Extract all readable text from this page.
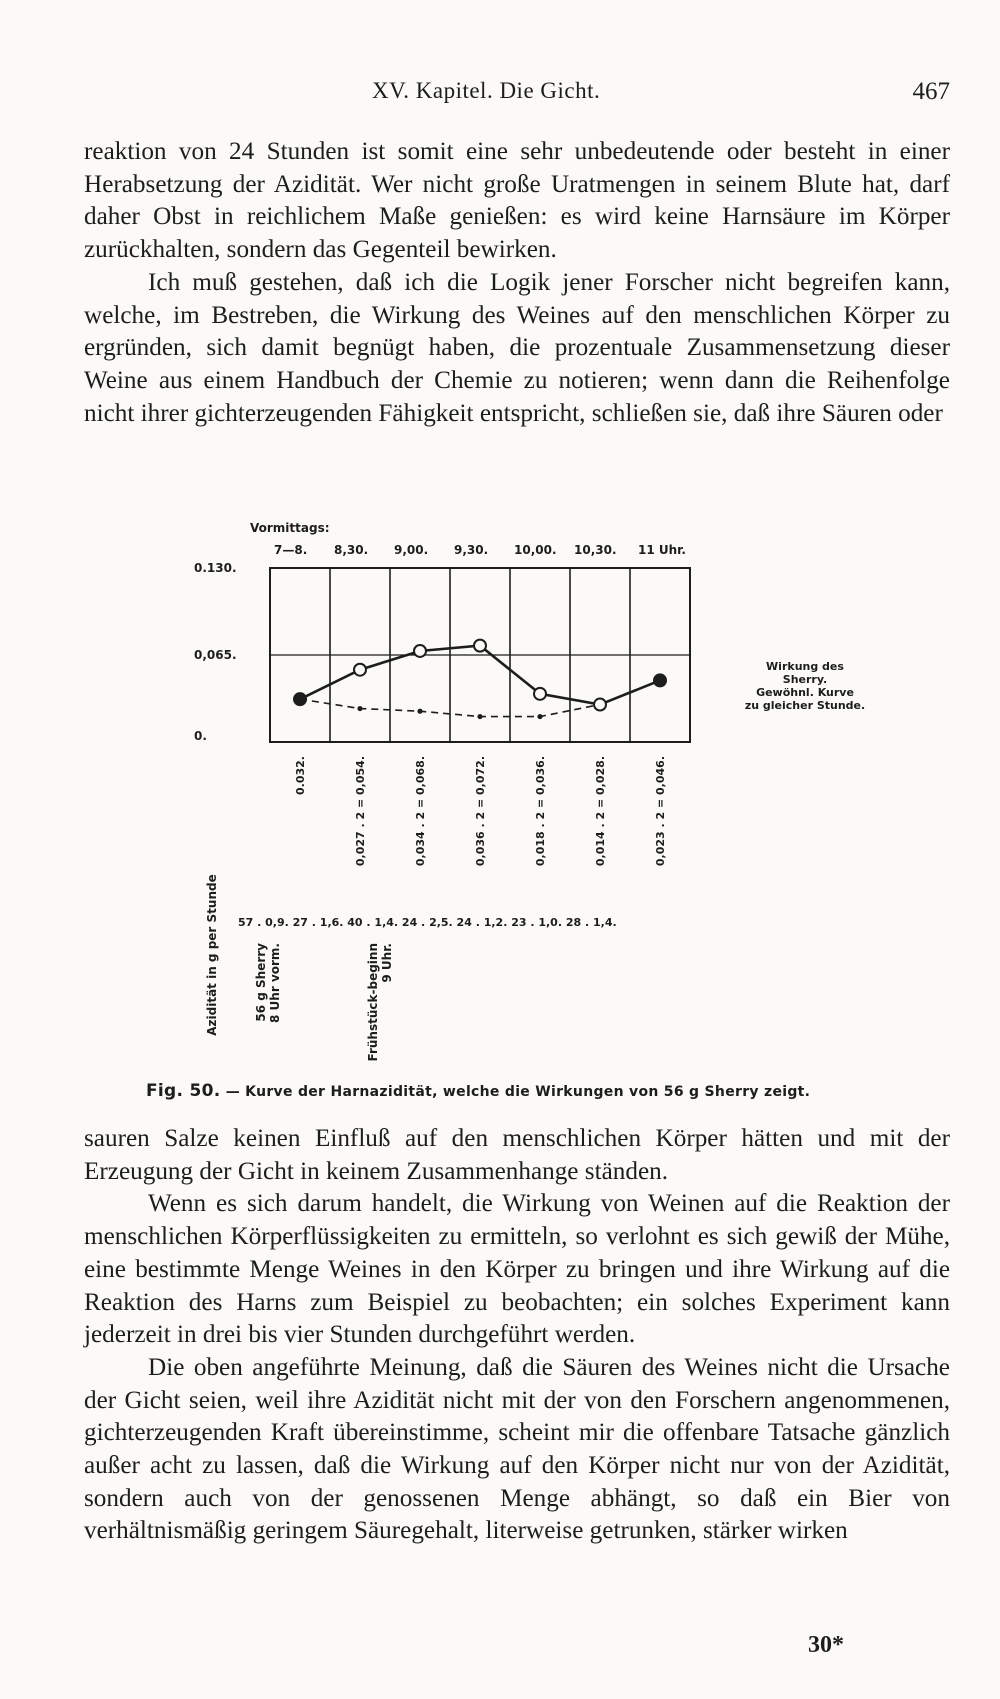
XV. Kapitel. Die Gicht.	467

reaktion von 24 Stunden ist somit eine sehr unbedeutende oder besteht in einer Herabsetzung der Azidität. Wer nicht große Uratmengen in seinem Blute hat, darf daher Obst in reichlichem Maße genießen: es wird keine Harnsäure im Körper zurückhalten, sondern das Gegenteil bewirken.

Ich muß gestehen, daß ich die Logik jener Forscher nicht begreifen kann, welche, im Bestreben, die Wirkung des Weines auf den menschlichen Körper zu ergründen, sich damit begnügt haben, die prozentuale Zusammensetzung dieser Weine aus einem Handbuch der Chemie zu notieren; wenn dann die Reihenfolge nicht ihrer gichterzeugenden Fähigkeit entspricht, schließen sie, daß ihre Säuren oder

Vormittags:
7—8. 8,30. 9,00. 9,30. 10,00. 10,30. 11 Uhr.
0.130.
0,065.
0.
Wirkung des
Sherry.
Gewöhnl. Kurve
zu gleicher Stunde.
Azidität in g per Stunde
0.032.	0,027 . 2 = 0,054.	0,034 . 2 = 0,068.	0,036 . 2 = 0,072.	0,018 . 2 = 0,036.	0,014 . 2 = 0,028.	0,023 . 2 = 0,046.
57 . 0,9. 27 . 1,6. 40 . 1,4. 24 . 2,5. 24 . 1,2. 23 . 1,0. 28 . 1,4.
56 g Sherry 8 Uhr vorm.	Frühstück-beginn 9 Uhr.
Fig. 50. — Kurve der Harnazidität, welche die Wirkungen von 56 g Sherry zeigt.

sauren Salze keinen Einfluß auf den menschlichen Körper hätten und mit der Erzeugung der Gicht in keinem Zusammenhange ständen.

Wenn es sich darum handelt, die Wirkung von Weinen auf die Reaktion der menschlichen Körperflüssigkeiten zu ermitteln, so verlohnt es sich gewiß der Mühe, eine bestimmte Menge Weines in den Körper zu bringen und ihre Wirkung auf die Reaktion des Harns zum Beispiel zu beobachten; ein solches Experiment kann jederzeit in drei bis vier Stunden durchgeführt werden.

Die oben angeführte Meinung, daß die Säuren des Weines nicht die Ursache der Gicht seien, weil ihre Azidität nicht mit der von den Forschern angenommenen, gichterzeugenden Kraft übereinstimme, scheint mir die offenbare Tatsache gänzlich außer acht zu lassen, daß die Wirkung auf den Körper nicht nur von der Azidität, sondern auch von der genossenen Menge abhängt, so daß ein Bier von verhältnismäßig geringem Säuregehalt, literweise getrunken, stärker wirken

30*
